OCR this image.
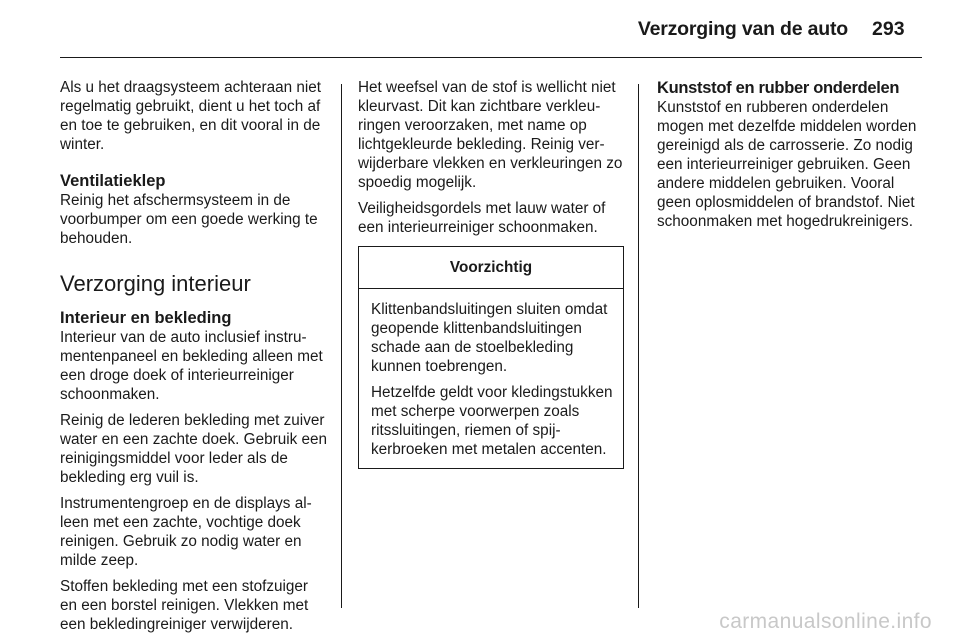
Verzorging van de auto 293

Als u het draagsysteem achteraan niet regelmatig gebruikt, dient u het toch af en toe te gebruiken, en dit vooral in de winter.

Ventilatieklep

Reinig het afschermsysteem in de voorbumper om een goede werking te behouden.

Verzorging interieur
Interieur en bekleding

Interieur van de auto inclusief instrumentenpaneel en bekleding alleen met een droge doek of interieurreiniger schoonmaken.

Reinig de lederen bekleding met zuiver water en een zachte doek. Gebruik een reinigingsmiddel voor leder als de bekleding erg vuil is.

Instrumentengroep en de displays alleen met een zachte, vochtige doek reinigen. Gebruik zo nodig water en milde zeep.

Stoffen bekleding met een stofzuiger en een borstel reinigen. Vlekken met een bekledingreiniger verwijderen.

Het weefsel van de stof is wellicht niet kleurvast. Dit kan zichtbare verkleuringen veroorzaken, met name op lichtgekleurde bekleding. Reinig verwijderbare vlekken en verkleuringen zo spoedig mogelijk.

Veiligheidsgordels met lauw water of een interieurreiniger schoonmaken.

Voorzichtig

Klittenbandsluitingen sluiten omdat geopende klittenbandsluitingen schade aan de stoelbekleding kunnen toebrengen.

Hetzelfde geldt voor kledingstukken met scherpe voorwerpen zoals ritssluitingen, riemen of spijkerbroeken met metalen accenten.

Kunststof en rubber onderdelen

Kunststof en rubberen onderdelen mogen met dezelfde middelen worden gereinigd als de carrosserie. Zo nodig een interieurreiniger gebruiken. Geen andere middelen gebruiken. Vooral geen oplosmiddelen of brandstof. Niet schoonmaken met hogedrukreinigers.

carmanualsonline.info
